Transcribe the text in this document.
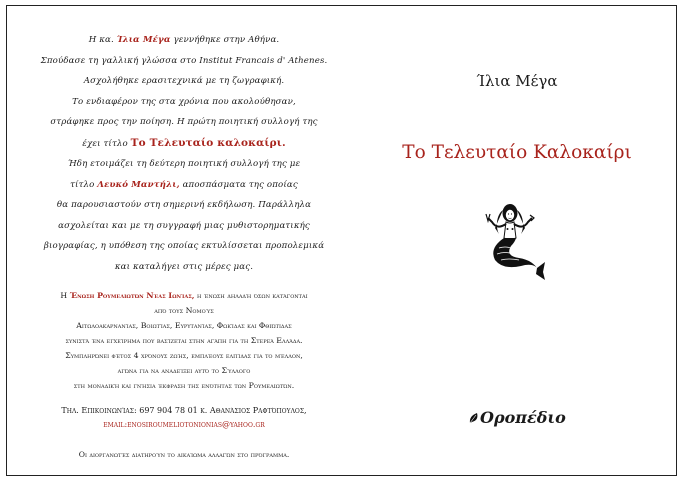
Η κα. Ίλια Μέγα γεννήθηκε στην Αθήνα.

Σπούδασε τη γαλλική γλώσσα στο Institut Francais d' Athenes.

Ασχολήθηκε ερασιτεχνικά με τη ζωγραφική.

Το ενδιαφέρον της στα χρόνια που ακολούθησαν,

στράφηκε προς την ποίηση. Η πρώτη ποιητική συλλογή της

έχει τίτλο Το Τελευταίο καλοκαίρι.

Ήδη ετοιμάζει τη δεύτερη ποιητική συλλογή της με

τίτλο Λευκό Μαντήλι, αποσπάσματα της οποίας

θα παρουσιαστούν στη σημερινή εκδήλωση. Παράλληλα

ασχολείται και με τη συγγραφή μιας μυθιστορηματικής

βιογραφίας, η υπόθεση της οποίας εκτυλίσσεται προπολεμικά

και καταλήγει στις μέρες μας.

Η Ένωση Ρουμελιωτών Νέας Ιωνίας, η ένωση δηλαδή όσων κατάγονται

από τους Νομούς

Αιτωλοακαρνανίας, Βοιωτίας, Ευρυτανίας, Φωκίδας και Φθιώτιδας

συνιστά ένα εγχείρημα που βασίζεται στην αγάπη για τη Στερεά Ελλάδα.

Συμπληρώνει φέτος 4 χρόνους ζωής, εμπλέους ελπίδας για το μέλλον,

αγώνα για να αναδείξει αυτό το Σύλλογο

στη μοναδική και γνήσια έκφραση της ενότητας των Ρουμελιωτών.

Τηλ. Επικοινωνίας: 697 904 78 01 κ. Αθανάσιος Ραφτόπουλος,

email:enosiroumeliotonionias@yahoo.gr

Οι διοργανωτές διατηρούν το δικαίωμα αλλαγών στο πρόγραμμα.
Ίλια Μέγα
Το Τελευταίο Καλοκαίρι
Οροπέδιο
